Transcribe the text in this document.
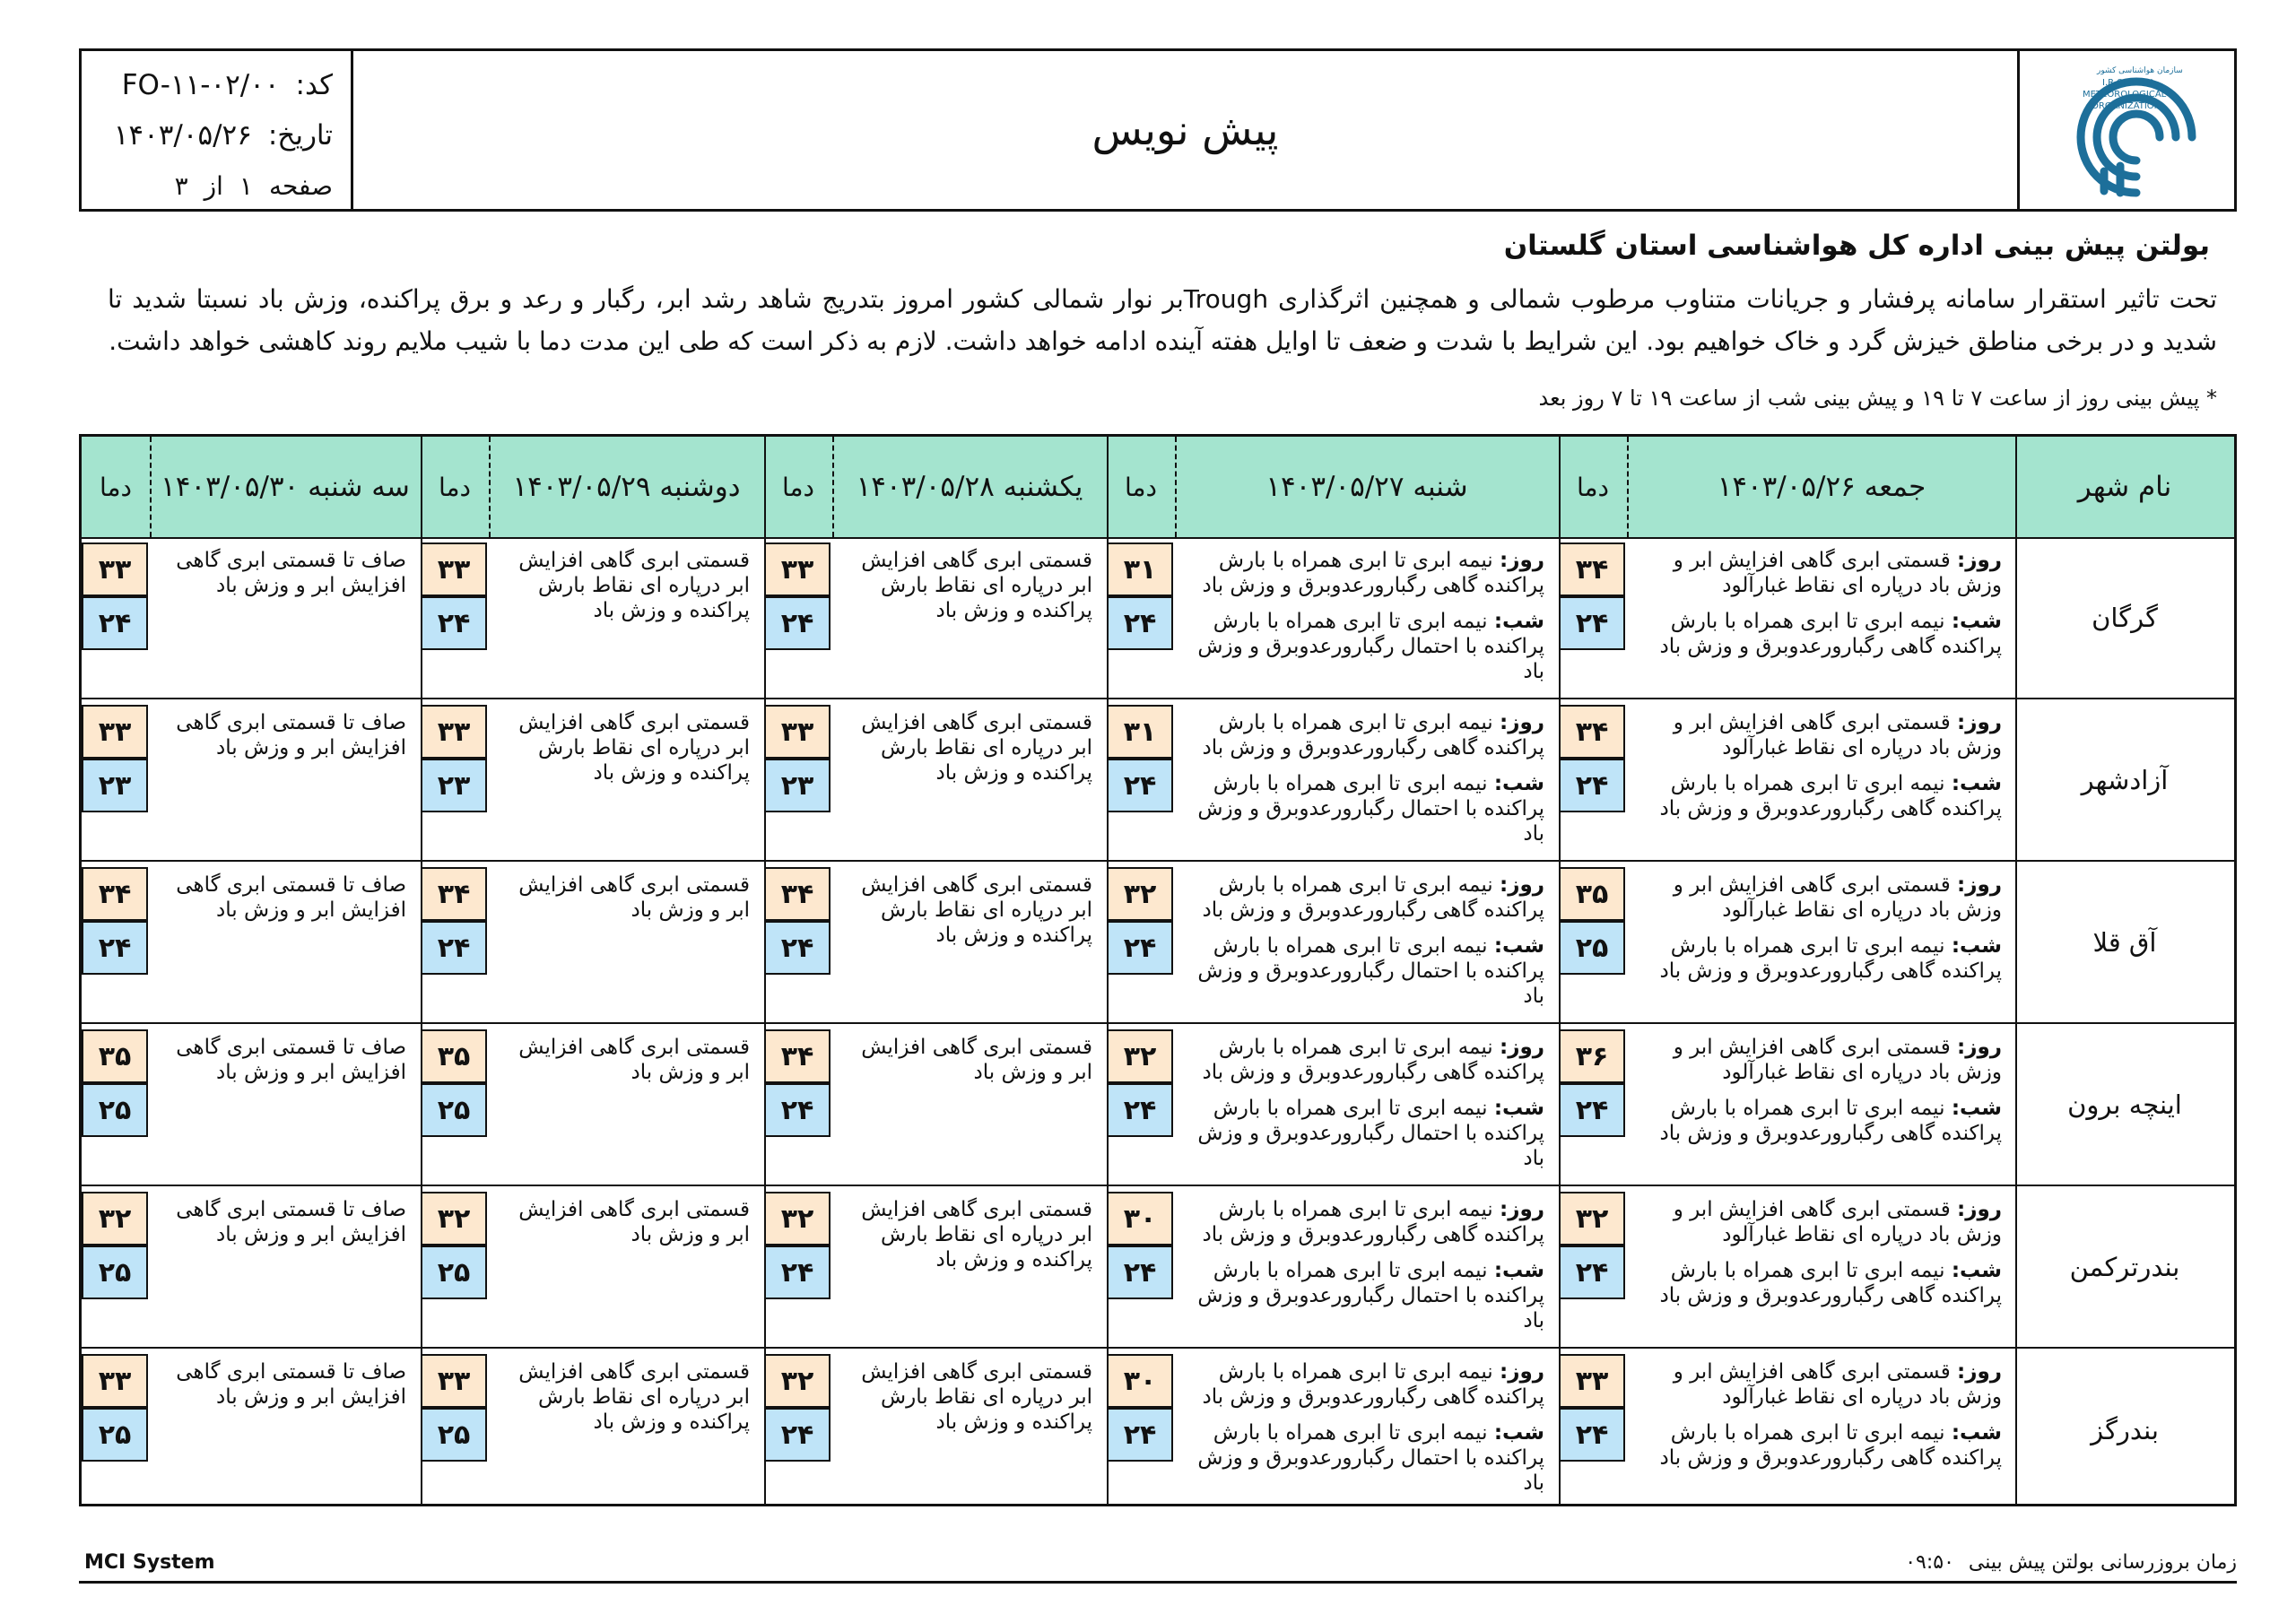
کد:
FO-۱۱-۰۲/۰۰
تاریخ:
۱۴۰۳/۰۵/۲۶
صفحه
۱
از
۳
پیش نویس
سازمان هواشناسی کشور
I.R.OF IRAN
METEOROLOGICAL
ORGANIZATION
بولتن پیش بینی اداره کل هواشناسی استان گلستان
تحت تاثیر استقرار سامانه پرفشار و جریانات متناوب مرطوب شمالی و همچنین اثرگذاری Troughبر نوار شمالی کشور امروز بتدریج شاهد رشد ابر، رگبار و رعد و برق پراکنده، وزش باد نسبتا شدید تا شدید و در برخی مناطق خیزش گرد و خاک خواهیم بود. این شرایط با شدت و ضعف تا اوایل هفته آینده ادامه خواهد داشت. لازم به ذکر است که طی این مدت دما با شیب ملایم روند کاهشی خواهد داشت.
* پیش بینی روز از ساعت ۷ تا ۱۹ و پیش بینی شب از ساعت ۱۹ تا ۷ روز بعد
نام شهر
جمعه ۱۴۰۳/۰۵/۲۶
دما
شنبه ۱۴۰۳/۰۵/۲۷
دما
یکشنبه ۱۴۰۳/۰۵/۲۸
دما
دوشنبه ۱۴۰۳/۰۵/۲۹
دما
سه شنبه ۱۴۰۳/۰۵/۳۰
دما
گرگان
روز: قسمتی ابری گاهی افزایش ابر و وزش باد درپاره ای نقاط غبارآلود
شب: نیمه ابری تا ابری همراه با بارش پراکنده گاهی رگبارورعدوبرق و وزش باد
۳۴
۲۴
روز: نیمه ابری تا ابری همراه با بارش پراکنده گاهی رگبارورعدوبرق و وزش باد
شب: نیمه ابری تا ابری همراه با بارش پراکنده با احتمال رگبارورعدوبرق و وزش باد
۳۱
۲۴
قسمتی ابری گاهی افزایش ابر درپاره ای نقاط بارش پراکنده و وزش باد
۳۳
۲۴
قسمتی ابری گاهی افزایش ابر درپاره ای نقاط بارش پراکنده و وزش باد
۳۳
۲۴
صاف تا قسمتی ابری گاهی افزایش ابر و وزش باد
۳۳
۲۴
آزادشهر
روز: قسمتی ابری گاهی افزایش ابر و وزش باد درپاره ای نقاط غبارآلود
شب: نیمه ابری تا ابری همراه با بارش پراکنده گاهی رگبارورعدوبرق و وزش باد
۳۴
۲۴
روز: نیمه ابری تا ابری همراه با بارش پراکنده گاهی رگبارورعدوبرق و وزش باد
شب: نیمه ابری تا ابری همراه با بارش پراکنده با احتمال رگبارورعدوبرق و وزش باد
۳۱
۲۴
قسمتی ابری گاهی افزایش ابر درپاره ای نقاط بارش پراکنده و وزش باد
۳۳
۲۳
قسمتی ابری گاهی افزایش ابر درپاره ای نقاط بارش پراکنده و وزش باد
۳۳
۲۳
صاف تا قسمتی ابری گاهی افزایش ابر و وزش باد
۳۳
۲۳
آق قلا
روز: قسمتی ابری گاهی افزایش ابر و وزش باد درپاره ای نقاط غبارآلود
شب: نیمه ابری تا ابری همراه با بارش پراکنده گاهی رگبارورعدوبرق و وزش باد
۳۵
۲۵
روز: نیمه ابری تا ابری همراه با بارش پراکنده گاهی رگبارورعدوبرق و وزش باد
شب: نیمه ابری تا ابری همراه با بارش پراکنده با احتمال رگبارورعدوبرق و وزش باد
۳۲
۲۴
قسمتی ابری گاهی افزایش ابر درپاره ای نقاط بارش پراکنده و وزش باد
۳۴
۲۴
قسمتی ابری گاهی افزایش ابر و وزش باد
۳۴
۲۴
صاف تا قسمتی ابری گاهی افزایش ابر و وزش باد
۳۴
۲۴
اینچه برون
روز: قسمتی ابری گاهی افزایش ابر و وزش باد درپاره ای نقاط غبارآلود
شب: نیمه ابری تا ابری همراه با بارش پراکنده گاهی رگبارورعدوبرق و وزش باد
۳۶
۲۴
روز: نیمه ابری تا ابری همراه با بارش پراکنده گاهی رگبارورعدوبرق و وزش باد
شب: نیمه ابری تا ابری همراه با بارش پراکنده با احتمال رگبارورعدوبرق و وزش باد
۳۲
۲۴
قسمتی ابری گاهی افزایش ابر و وزش باد
۳۴
۲۴
قسمتی ابری گاهی افزایش ابر و وزش باد
۳۵
۲۵
صاف تا قسمتی ابری گاهی افزایش ابر و وزش باد
۳۵
۲۵
بندرترکمن
روز: قسمتی ابری گاهی افزایش ابر و وزش باد درپاره ای نقاط غبارآلود
شب: نیمه ابری تا ابری همراه با بارش پراکنده گاهی رگبارورعدوبرق و وزش باد
۳۲
۲۴
روز: نیمه ابری تا ابری همراه با بارش پراکنده گاهی رگبارورعدوبرق و وزش باد
شب: نیمه ابری تا ابری همراه با بارش پراکنده با احتمال رگبارورعدوبرق و وزش باد
۳۰
۲۴
قسمتی ابری گاهی افزایش ابر درپاره ای نقاط بارش پراکنده و وزش باد
۳۲
۲۴
قسمتی ابری گاهی افزایش ابر و وزش باد
۳۲
۲۵
صاف تا قسمتی ابری گاهی افزایش ابر و وزش باد
۳۲
۲۵
بندرگز
روز: قسمتی ابری گاهی افزایش ابر و وزش باد درپاره ای نقاط غبارآلود
شب: نیمه ابری تا ابری همراه با بارش پراکنده گاهی رگبارورعدوبرق و وزش باد
۳۳
۲۴
روز: نیمه ابری تا ابری همراه با بارش پراکنده گاهی رگبارورعدوبرق و وزش باد
شب: نیمه ابری تا ابری همراه با بارش پراکنده با احتمال رگبارورعدوبرق و وزش باد
۳۰
۲۴
قسمتی ابری گاهی افزایش ابر درپاره ای نقاط بارش پراکنده و وزش باد
۳۲
۲۴
قسمتی ابری گاهی افزایش ابر درپاره ای نقاط بارش پراکنده و وزش باد
۳۳
۲۵
صاف تا قسمتی ابری گاهی افزایش ابر و وزش باد
۳۳
۲۵
MCI System	زمان بروزرسانی بولتن پیش بینی
۰۹:۵۰
